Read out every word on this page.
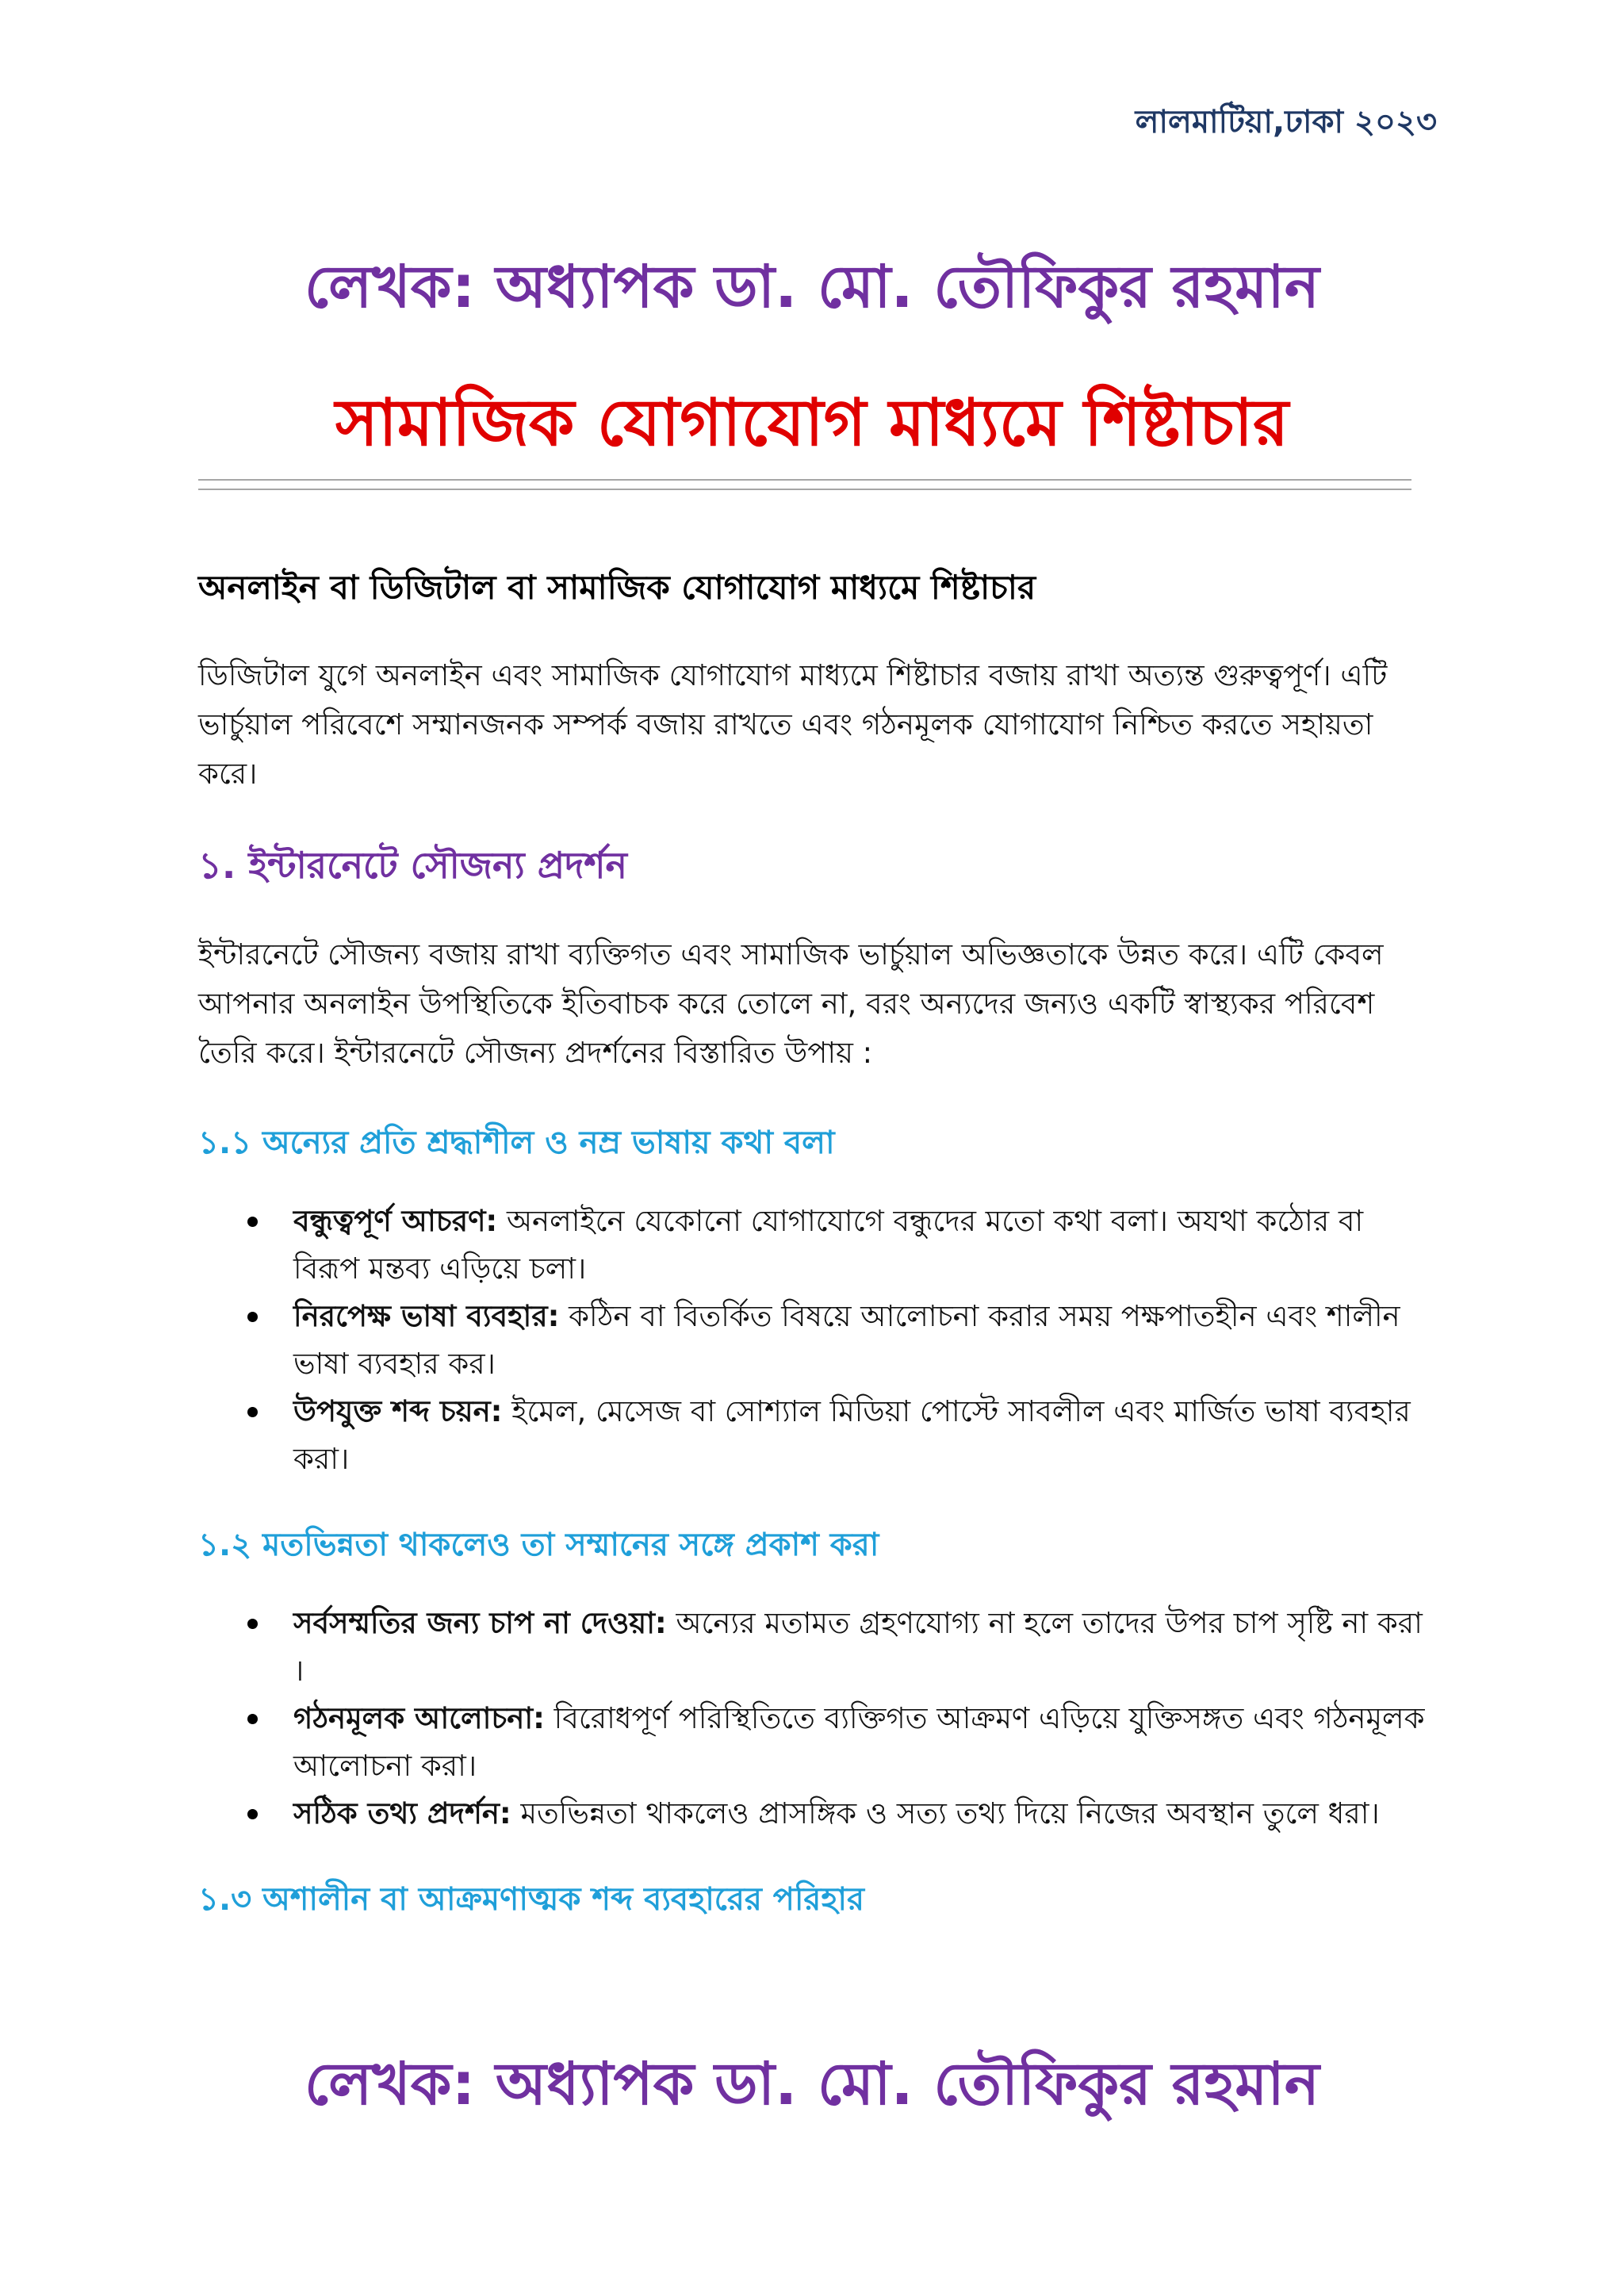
লালমাটিয়া,ঢাকা ২০২৩
লেখক: অধ্যাপক ডা. মো. তৌফিকুর রহমান
সামাজিক যোগাযোগ মাধ্যমে শিষ্টাচার
অনলাইন বা ডিজিটাল বা সামাজিক যোগাযোগ মাধ্যমে শিষ্টাচার

ডিজিটাল যুগে অনলাইন এবং সামাজিক যোগাযোগ মাধ্যমে শিষ্টাচার বজায় রাখা অত্যন্ত গুরুত্বপূর্ণ। এটি ভার্চুয়াল পরিবেশে সম্মানজনক সম্পর্ক বজায় রাখতে এবং গঠনমূলক যোগাযোগ নিশ্চিত করতে সহায়তা করে।

১. ইন্টারনেটে সৌজন্য প্রদর্শন

ইন্টারনেটে সৌজন্য বজায় রাখা ব্যক্তিগত এবং সামাজিক ভার্চুয়াল অভিজ্ঞতাকে উন্নত করে। এটি কেবল আপনার অনলাইন উপস্থিতিকে ইতিবাচক করে তোলে না, বরং অন্যদের জন্যও একটি স্বাস্থ্যকর পরিবেশ তৈরি করে। ইন্টারনেটে সৌজন্য প্রদর্শনের বিস্তারিত উপায় :

১.১ অন্যের প্রতি শ্রদ্ধাশীল ও নম্র ভাষায় কথা বলা
বন্ধুত্বপূর্ণ আচরণ: অনলাইনে যেকোনো যোগাযোগে বন্ধুদের মতো কথা বলা। অযথা কঠোর বা বিরূপ মন্তব্য এড়িয়ে চলা।
নিরপেক্ষ ভাষা ব্যবহার: কঠিন বা বিতর্কিত বিষয়ে আলোচনা করার সময় পক্ষপাতহীন এবং শালীন ভাষা ব্যবহার কর।
উপযুক্ত শব্দ চয়ন: ইমেল, মেসেজ বা সোশ্যাল মিডিয়া পোস্টে সাবলীল এবং মার্জিত ভাষা ব্যবহার করা।
১.২ মতভিন্নতা থাকলেও তা সম্মানের সঙ্গে প্রকাশ করা
সর্বসম্মতির জন্য চাপ না দেওয়া: অন্যের মতামত গ্রহণযোগ্য না হলে তাদের উপর চাপ সৃষ্টি না করা ।
গঠনমূলক আলোচনা: বিরোধপূর্ণ পরিস্থিতিতে ব্যক্তিগত আক্রমণ এড়িয়ে যুক্তিসঙ্গত এবং গঠনমূলক আলোচনা করা।
সঠিক তথ্য প্রদর্শন: মতভিন্নতা থাকলেও প্রাসঙ্গিক ও সত্য তথ্য দিয়ে নিজের অবস্থান তুলে ধরা।
১.৩ অশালীন বা আক্রমণাত্মক শব্দ ব্যবহারের পরিহার
লেখক: অধ্যাপক ডা. মো. তৌফিকুর রহমান
